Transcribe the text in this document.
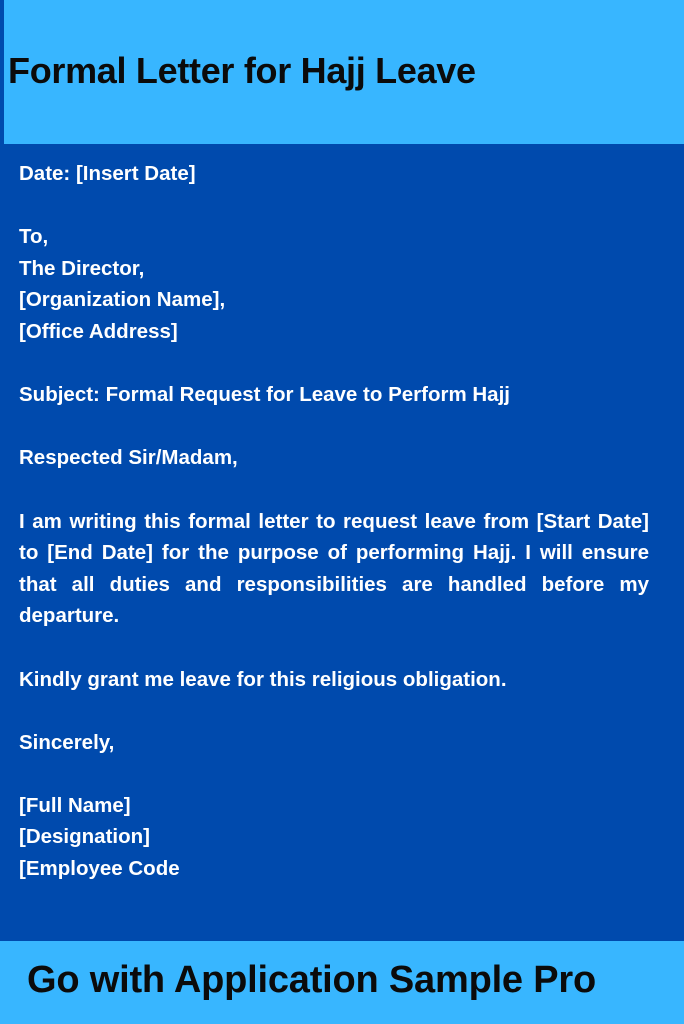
Formal Letter for Hajj Leave
Date: [Insert Date]
To,
The Director,
[Organization Name],
[Office Address]
Subject: Formal Request for Leave to Perform Hajj
Respected Sir/Madam,
I am writing this formal letter to request leave from [Start Date] to [End Date] for the purpose of performing Hajj. I will ensure that all duties and responsibilities are handled before my departure.
Kindly grant me leave for this religious obligation.
Sincerely,
[Full Name]
[Designation]
[Employee Code

Go with Application Sample Pro
